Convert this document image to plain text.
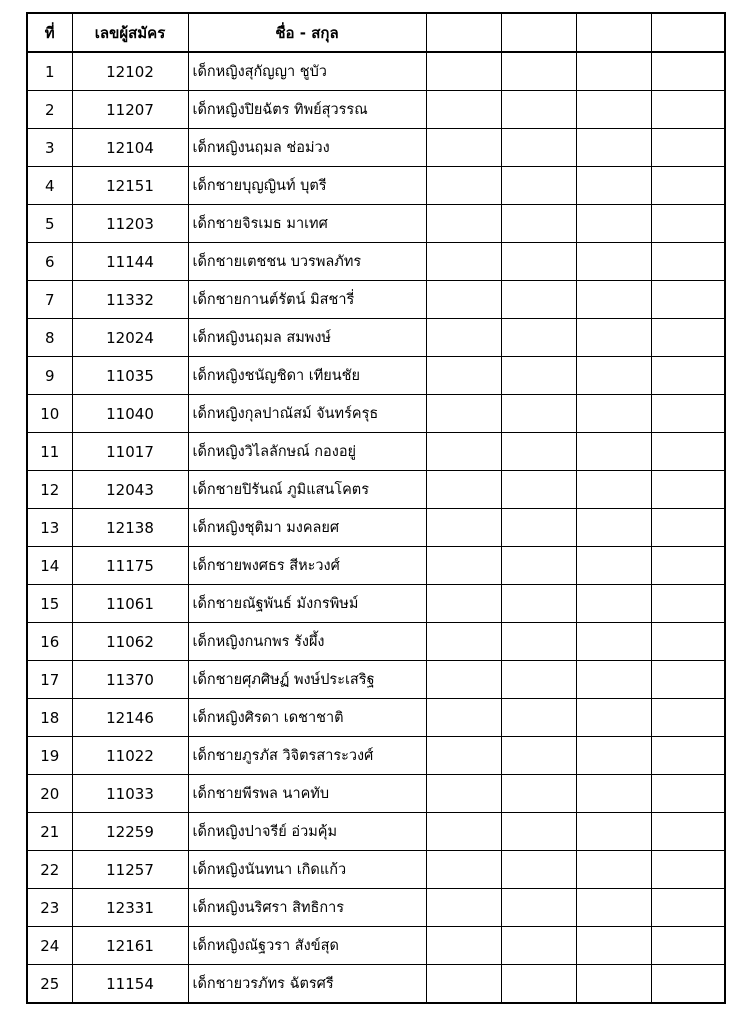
ที่	เลขผู้สมัคร	ชื่อ - สกุล				
1	12102	เด็กหญิงสุกัญญา ชูบัว				
2	11207	เด็กหญิงปิยฉัตร ทิพย์สุวรรณ				
3	12104	เด็กหญิงนฤมล ช่อม่วง				
4	12151	เด็กชายบุญญินท์ บุตรี				
5	11203	เด็กชายจิรเมธ มาเทศ				
6	11144	เด็กชายเตชชน บวรพลภัทร				
7	11332	เด็กชายกานต์รัตน์ มิสชารี่				
8	12024	เด็กหญิงนฤมล สมพงษ์				
9	11035	เด็กหญิงชนัญชิดา เทียนชัย				
10	11040	เด็กหญิงกุลปาณัสม์ จันทร์ครุธ				
11	11017	เด็กหญิงวิไลลักษณ์ กองอยู่				
12	12043	เด็กชายปิรันณ์ ภูมิแสนโคตร				
13	12138	เด็กหญิงชุติมา มงคลยศ				
14	11175	เด็กชายพงศธร สีหะวงศ์				
15	11061	เด็กชายณัฐพันธ์ มังกรพิษม์				
16	11062	เด็กหญิงกนกพร รังผึ้ง				
17	11370	เด็กชายศุภศิษฏ์ พงษ์ประเสริฐ				
18	12146	เด็กหญิงศิรดา เดชาชาติ				
19	11022	เด็กชายภูรภัส วิจิตรสาระวงศ์				
20	11033	เด็กชายพีรพล นาคทับ				
21	12259	เด็กหญิงปาจรีย์ อ่วมคุ้ม				
22	11257	เด็กหญิงนันทนา เกิดแก้ว				
23	12331	เด็กหญิงนริศรา สิทธิการ				
24	12161	เด็กหญิงณัฐวรา สังข์สุด				
25	11154	เด็กชายวรภัทร ฉัตรศรี				
